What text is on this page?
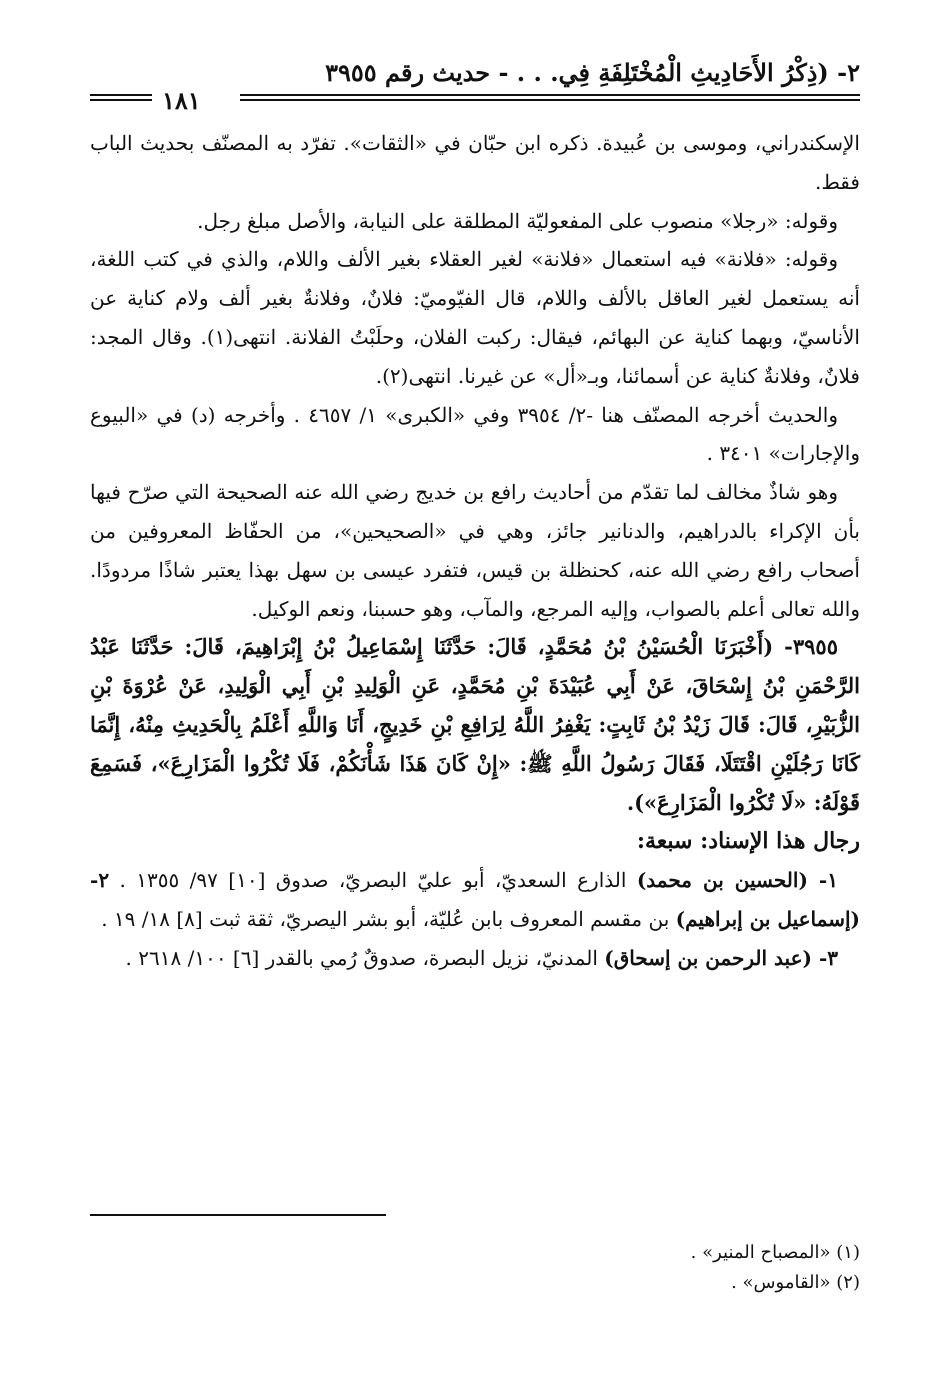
٢- (ذِكْرُ الأَحَادِيثِ الْمُخْتَلِفَةِ فِي. . . - حديث رقم ٣٩٥٥
١٨١

الإسكندراني، وموسى بن عُبيدة. ذكره ابن حبّان في «الثقات». تفرّد به المصنّف بحديث الباب فقط.

وقوله: «رجلا» منصوب على المفعوليّة المطلقة على النيابة، والأصل مبلغ رجل.

وقوله: «فلانة» فيه استعمال «فلانة» لغير العقلاء بغير الألف واللام، والذي في كتب اللغة، أنه يستعمل لغير العاقل بالألف واللام، قال الفيّوميّ: فلانٌ، وفلانةٌ بغير ألف ولام كناية عن الأناسيّ، وبهما كناية عن البهائم، فيقال: ركبت الفلان، وحلَبْتُ الفلانة. انتهى(١). وقال المجد: فلانٌ، وفلانةٌ كناية عن أسمائنا، وبـ«أل» عن غيرنا. انتهى(٢).

والحديث أخرجه المصنّف هنا -٢/ ٣٩٥٤ وفي «الكبرى» ١/ ٤٦٥٧ . وأخرجه (د) في «البيوع والإجارات» ٣٤٠١ .

وهو شاذٌ مخالف لما تقدّم من أحاديث رافع بن خديج رضي الله عنه الصحيحة التي صرّح فيها بأن الإكراء بالدراهيم، والدنانير جائز، وهي في «الصحيحين»، من الحفّاظ المعروفين من أصحاب رافع رضي الله عنه، كحنظلة بن قيس، فتفرد عيسى بن سهل بهذا يعتبر شاذًا مردودًا. والله تعالى أعلم بالصواب، وإليه المرجع، والمآب، وهو حسبنا، ونعم الوكيل.

٣٩٥٥- (أَخْبَرَنَا الْحُسَيْنُ بْنُ مُحَمَّدٍ، قَالَ: حَدَّثَنَا إِسْمَاعِيلُ بْنُ إِبْرَاهِيمَ، قَالَ: حَدَّثَنَا عَبْدُ الرَّحْمَنِ بْنُ إِسْحَاقَ، عَنْ أَبِي عُبَيْدَةَ بْنِ مُحَمَّدٍ، عَنِ الْوَلِيدِ بْنِ أَبِي الْوَلِيدِ، عَنْ عُرْوَةَ بْنِ الزُّبَيْرِ، قَالَ: قَالَ زَيْدُ بْنُ ثَابِتٍ: يَغْفِرُ اللَّهُ لِرَافِعِ بْنِ خَدِيجٍ، أَنَا وَاللَّهِ أَعْلَمُ بِالْحَدِيثِ مِنْهُ، إِنَّمَا كَانَا رَجُلَيْنِ اقْتَتَلَا، فَقَالَ رَسُولُ اللَّهِ ﷺ: «إِنْ كَانَ هَذَا شَأْنَكُمْ، فَلَا تُكْرُوا الْمَزَارِعَ»، فَسَمِعَ قَوْلَهُ: «لَا تُكْرُوا الْمَزَارِعَ»).

رجال هذا الإسناد: سبعة:

١- (الحسين بن محمد) الذارع السعديّ، أبو عليّ البصريّ، صدوق [١٠] ٩٧/ ١٣٥٥ . ٢- (إسماعيل بن إبراهيم) بن مقسم المعروف بابن عُليّة، أبو بشر اليصريّ، ثقة ثبت [٨] ١٨/ ١٩ .

٣- (عبد الرحمن بن إسحاق) المدنيّ، نزيل البصرة، صدوقٌ رُمي بالقدر [٦] ١٠٠/ ٢٦١٨ .

(١) «المصباح المنير» .

(٢) «القاموس» .
